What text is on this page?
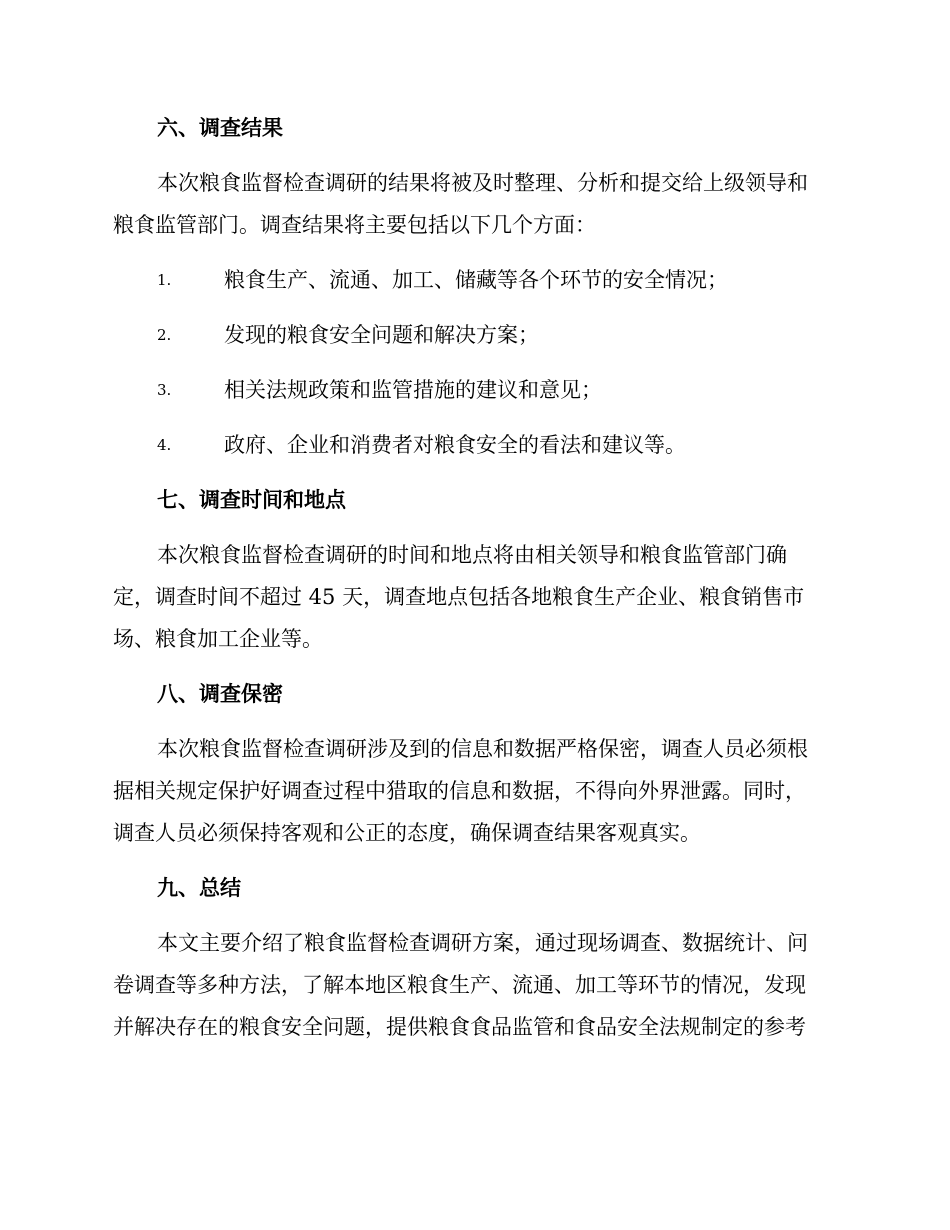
六、调查结果
本次粮食监督检查调研的结果将被及时整理、分析和提交给上级领导和
粮食监管部门。调查结果将主要包括以下几个方面：
1.	粮食生产、流通、加工、储藏等各个环节的安全情况；
2.	发现的粮食安全问题和解决方案；
3.	相关法规政策和监管措施的建议和意见；
4.	政府、企业和消费者对粮食安全的看法和建议等。
七、调查时间和地点
本次粮食监督检查调研的时间和地点将由相关领导和粮食监管部门确
定，调查时间不超过 45 天，调查地点包括各地粮食生产企业、粮食销售市
场、粮食加工企业等。
八、调查保密
本次粮食监督检查调研涉及到的信息和数据严格保密，调查人员必须根
据相关规定保护好调查过程中猎取的信息和数据，不得向外界泄露。同时，
调查人员必须保持客观和公正的态度，确保调查结果客观真实。
九、总结
本文主要介绍了粮食监督检查调研方案，通过现场调查、数据统计、问
卷调查等多种方法，了解本地区粮食生产、流通、加工等环节的情况，发现
并解决存在的粮食安全问题，提供粮食食品监管和食品安全法规制定的参考
